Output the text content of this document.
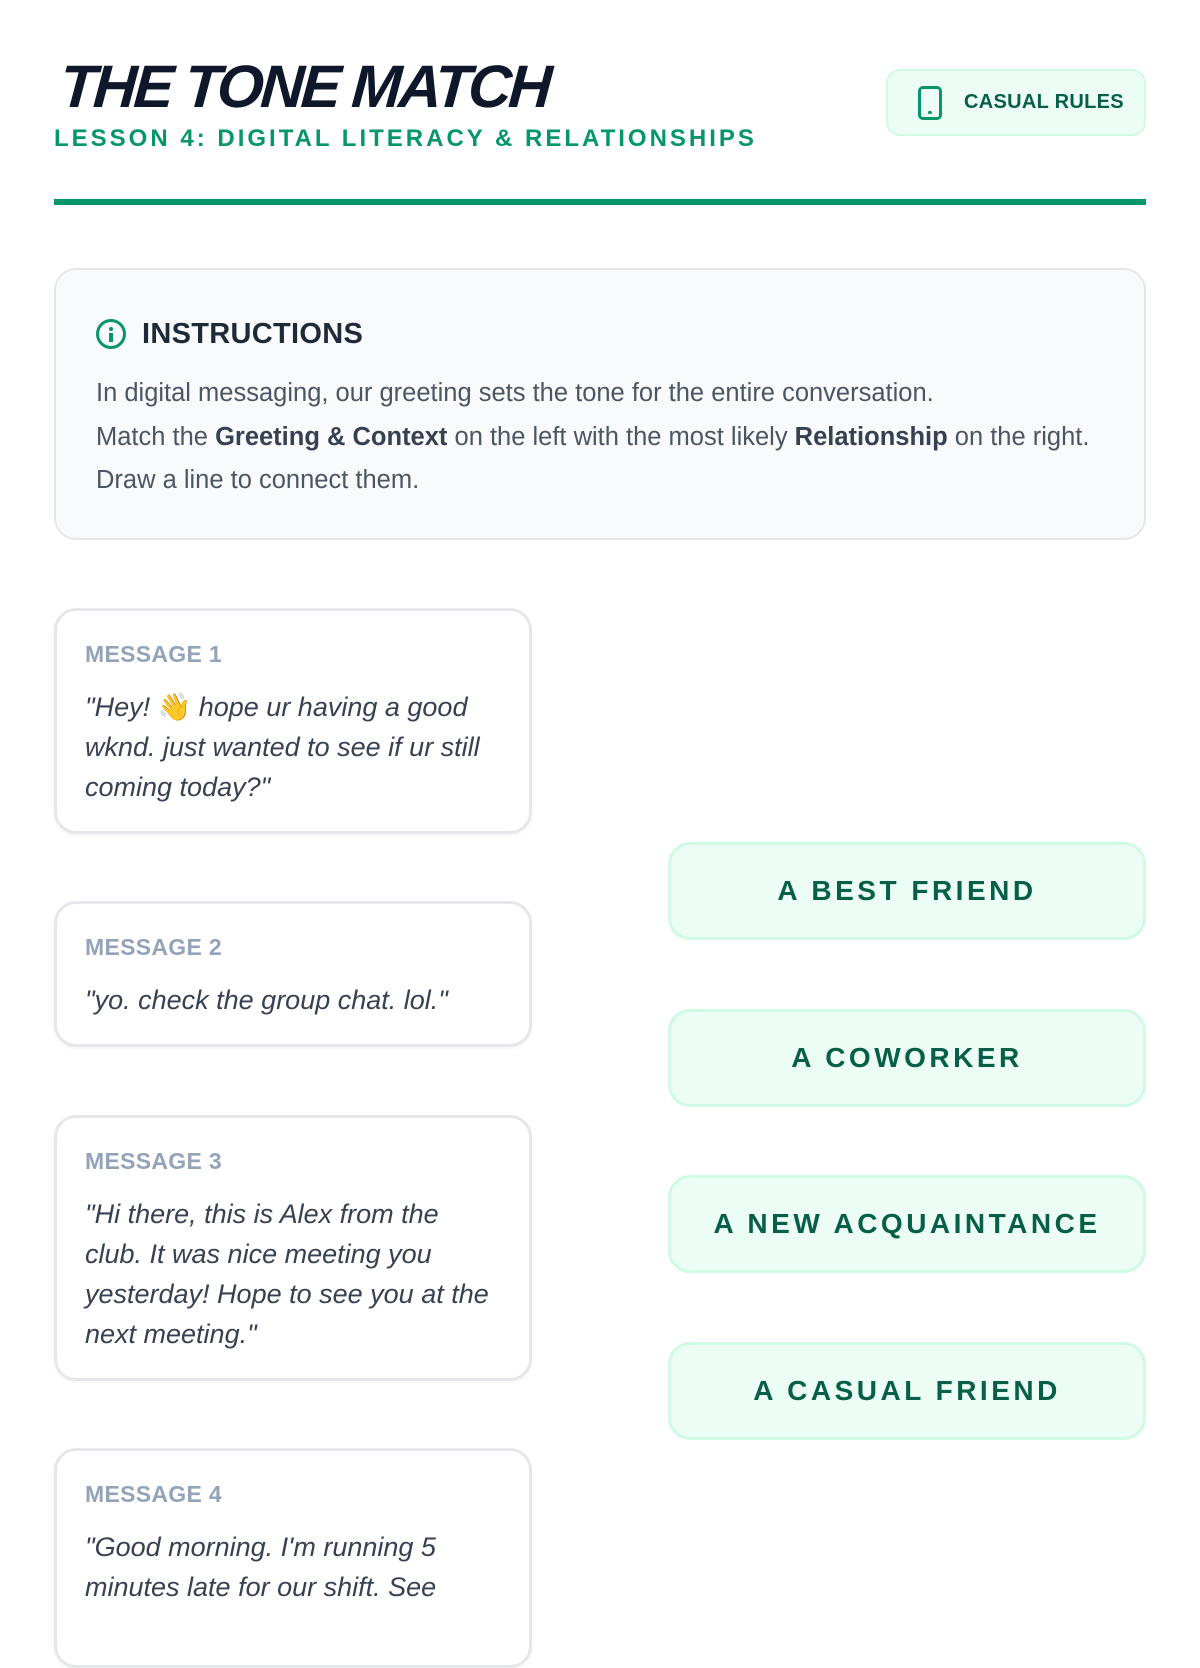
THE TONE MATCH
LESSON 4: DIGITAL LITERACY & RELATIONSHIPS
CASUAL RULES
INSTRUCTIONS
In digital messaging, our greeting sets the tone for the entire conversation.
Match the Greeting & Context on the left with the most likely Relationship on the right. Draw a line to connect them.
MESSAGE 1
"Hey! 👋 hope ur having a good wknd. just wanted to see if ur still coming today?"
MESSAGE 2
"yo. check the group chat. lol."
MESSAGE 3
"Hi there, this is Alex from the club. It was nice meeting you yesterday! Hope to see you at the next meeting."
MESSAGE 4
"Good morning. I'm running 5 minutes late for our shift. See
A BEST FRIEND
A COWORKER
A NEW ACQUAINTANCE
A CASUAL FRIEND
